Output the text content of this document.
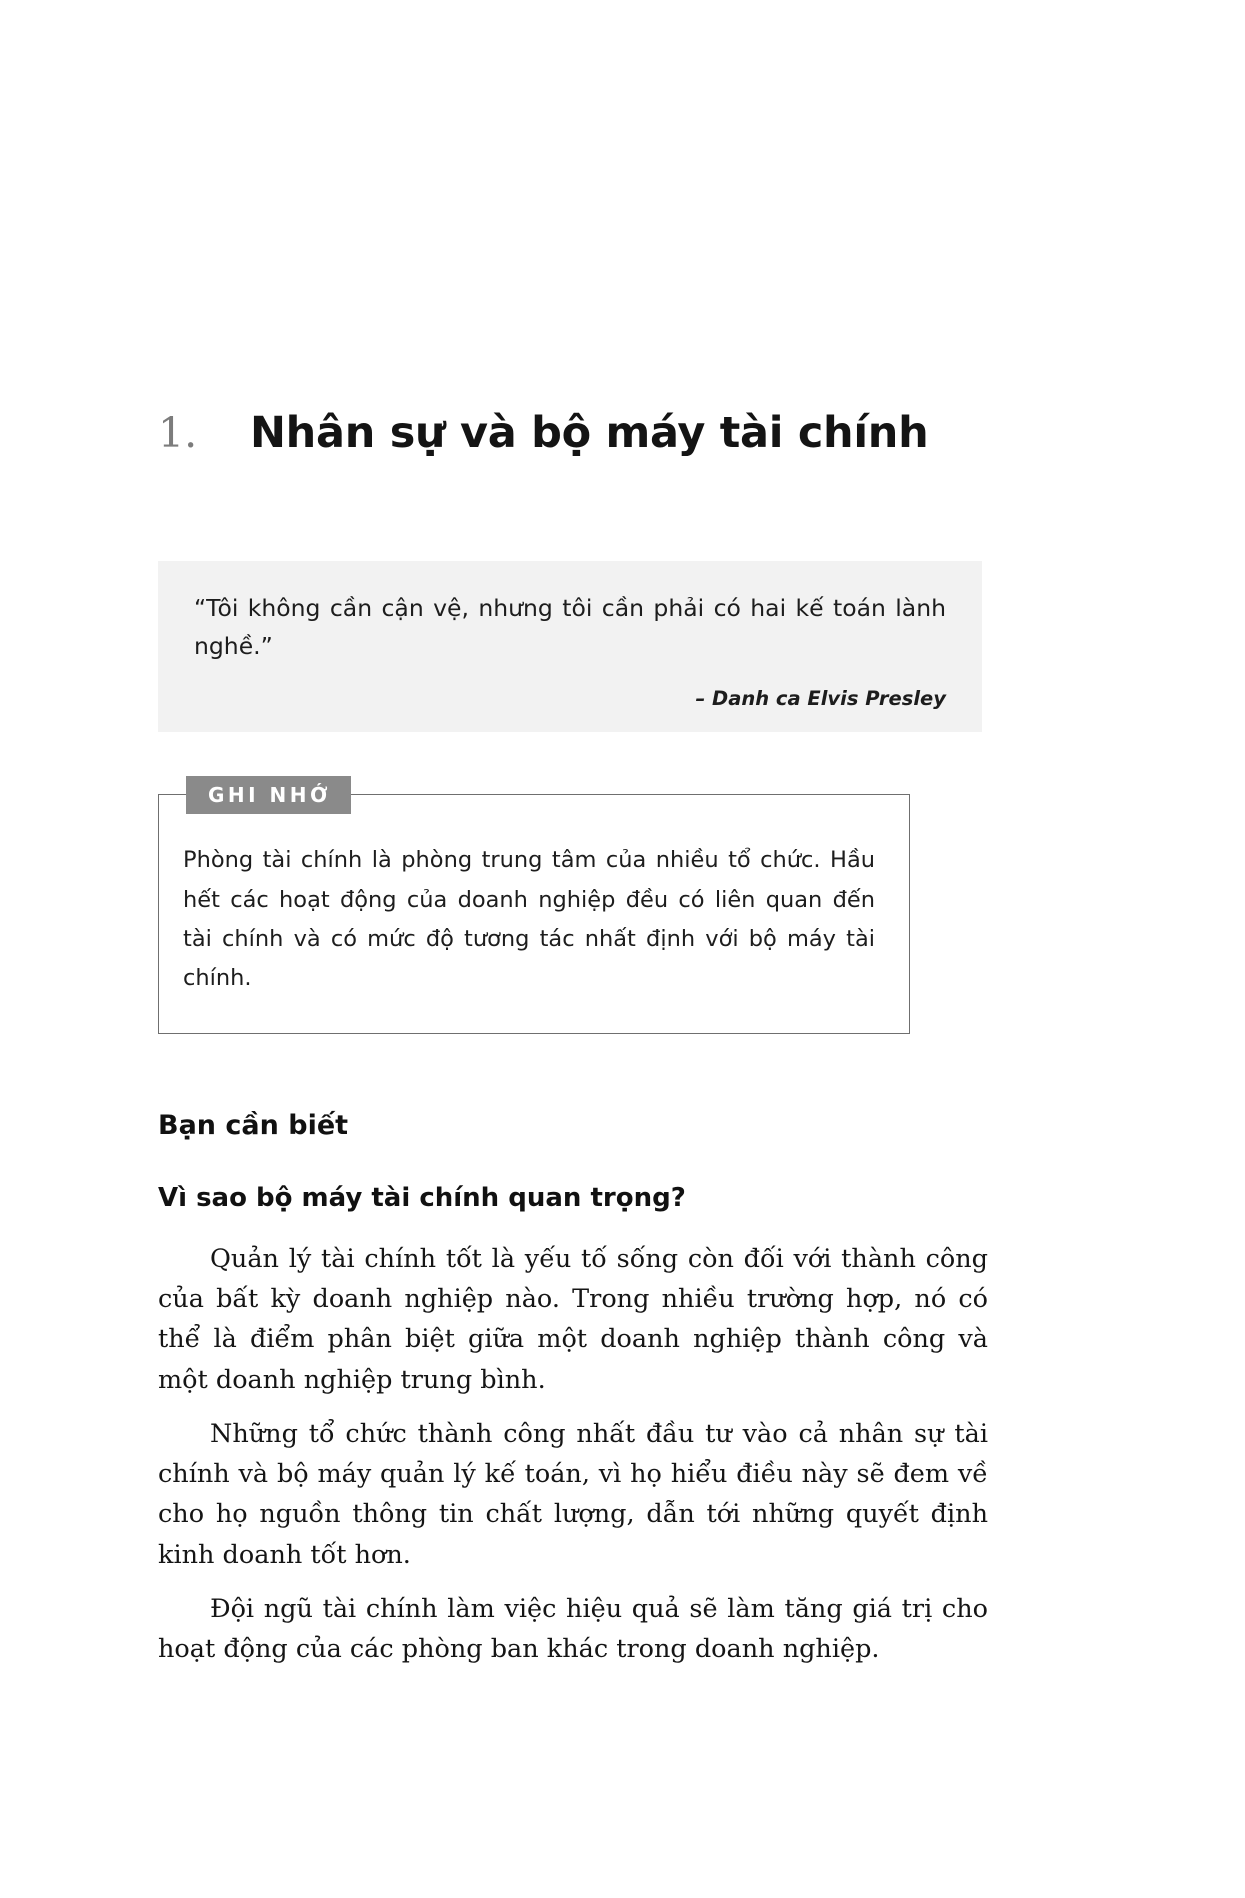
1.	Nhân sự và bộ máy tài chính

“Tôi không cần cận vệ, nhưng tôi cần phải có hai kế toán lành nghề.”

– Danh ca Elvis Presley
GHI NHỚ

Phòng tài chính là phòng trung tâm của nhiều tổ chức. Hầu hết các hoạt động của doanh nghiệp đều có liên quan đến tài chính và có mức độ tương tác nhất định với bộ máy tài chính.

Bạn cần biết
Vì sao bộ máy tài chính quan trọng?

Quản lý tài chính tốt là yếu tố sống còn đối với thành công của bất kỳ doanh nghiệp nào. Trong nhiều trường hợp, nó có thể là điểm phân biệt giữa một doanh nghiệp thành công và một doanh nghiệp trung bình.

Những tổ chức thành công nhất đầu tư vào cả nhân sự tài chính và bộ máy quản lý kế toán, vì họ hiểu điều này sẽ đem về cho họ nguồn thông tin chất lượng, dẫn tới những quyết định kinh doanh tốt hơn.

Đội ngũ tài chính làm việc hiệu quả sẽ làm tăng giá trị cho hoạt động của các phòng ban khác trong doanh nghiệp.
